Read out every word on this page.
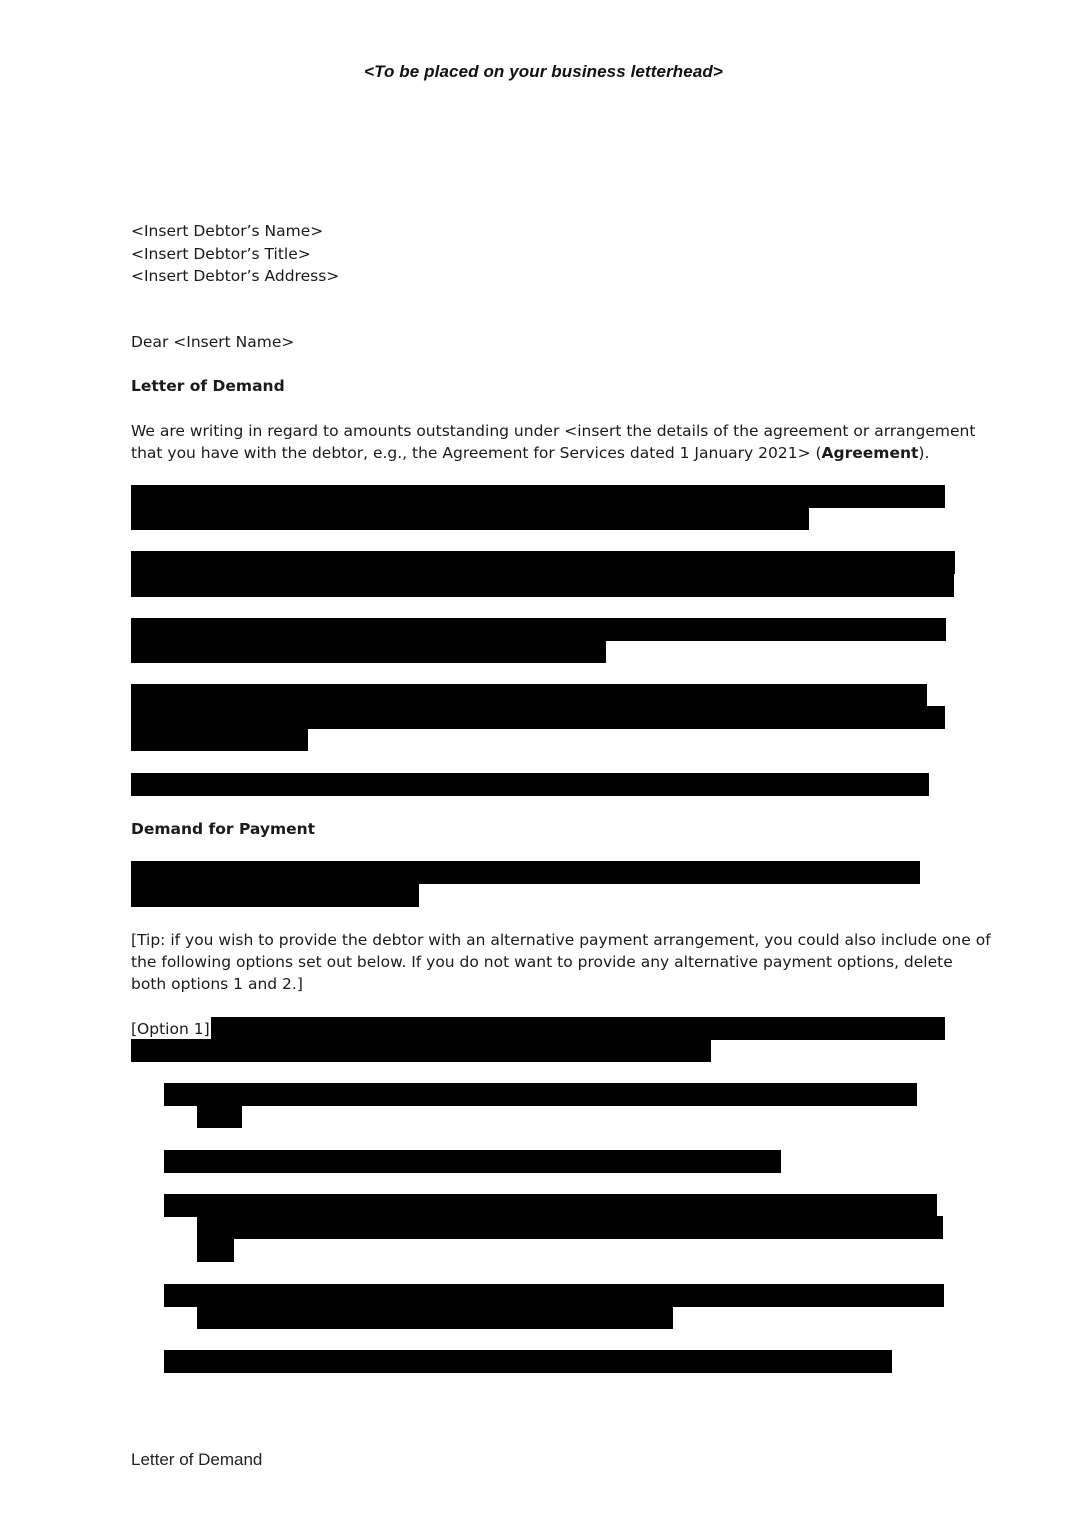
<To be placed on your business letterhead>
<Insert Debtor’s Name>
<Insert Debtor’s Title>
<Insert Debtor’s Address>
Dear <Insert Name>
Letter of Demand

We are writing in regard to amounts outstanding under <insert the details of the agreement or arrangement

that you have with the debtor, e.g., the Agreement for Services dated 1 January 2021> (Agreement).

Demand for Payment

[Tip: if you wish to provide the debtor with an alternative payment arrangement, you could also include one of

the following options set out below. If you do not want to provide any alternative payment options, delete

both options 1 and 2.]

[Option 1]
Letter of Demand
